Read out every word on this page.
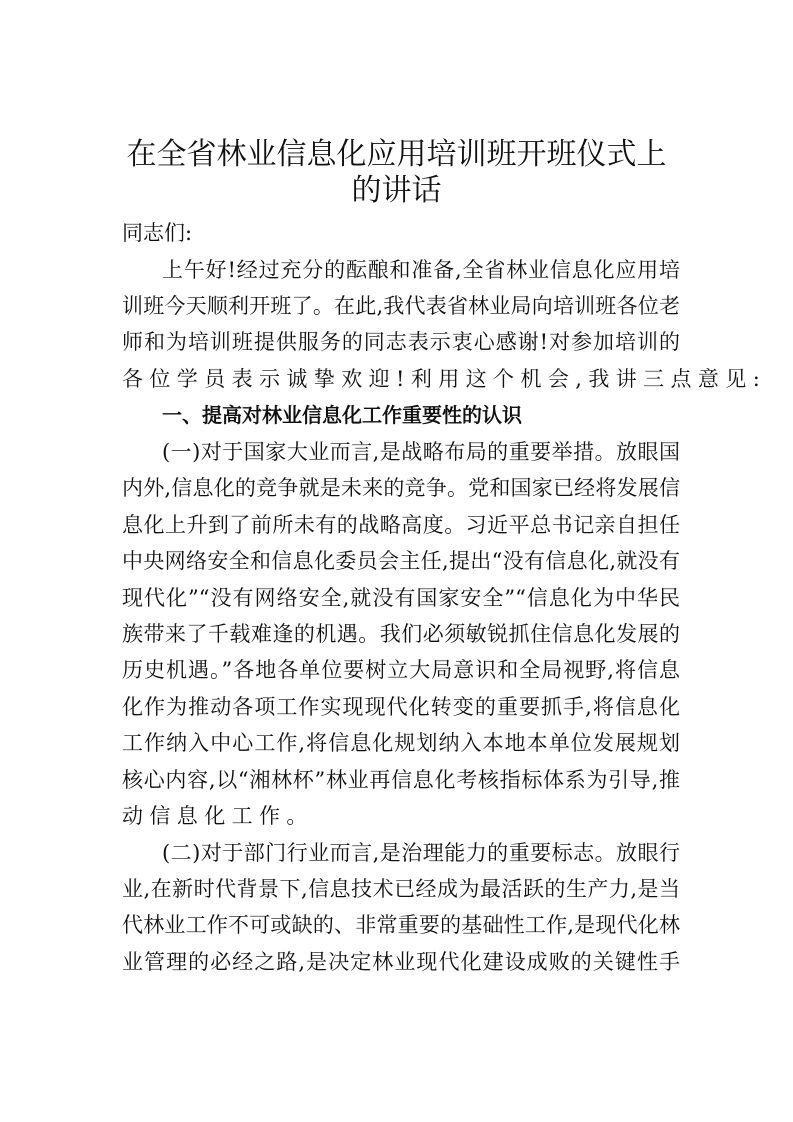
在全省林业信息化应用培训班开班仪式上
的讲话
同志们:
上午好!经过充分的酝酿和准备,全省林业信息化应用培
训班今天顺利开班了。在此,我代表省林业局向培训班各位老
师和为培训班提供服务的同志表示衷心感谢!对参加培训的
各位学员表示诚挚欢迎!利用这个机会,我讲三点意见:
一、提高对林业信息化工作重要性的认识
(一)对于国家大业而言,是战略布局的重要举措。放眼国
内外,信息化的竞争就是未来的竞争。党和国家已经将发展信
息化上升到了前所未有的战略高度。习近平总书记亲自担任
中央网络安全和信息化委员会主任,提出“没有信息化,就没有
现代化”“没有网络安全,就没有国家安全”“信息化为中华民
族带来了千载难逢的机遇。我们必须敏锐抓住信息化发展的
历史机遇。”各地各单位要树立大局意识和全局视野,将信息
化作为推动各项工作实现现代化转变的重要抓手,将信息化
工作纳入中心工作,将信息化规划纳入本地本单位发展规划
核心内容,以“湘林杯”林业再信息化考核指标体系为引导,推
动信息化工作。
(二)对于部门行业而言,是治理能力的重要标志。放眼行
业,在新时代背景下,信息技术已经成为最活跃的生产力,是当
代林业工作不可或缺的、非常重要的基础性工作,是现代化林
业管理的必经之路,是决定林业现代化建设成败的关键性手
